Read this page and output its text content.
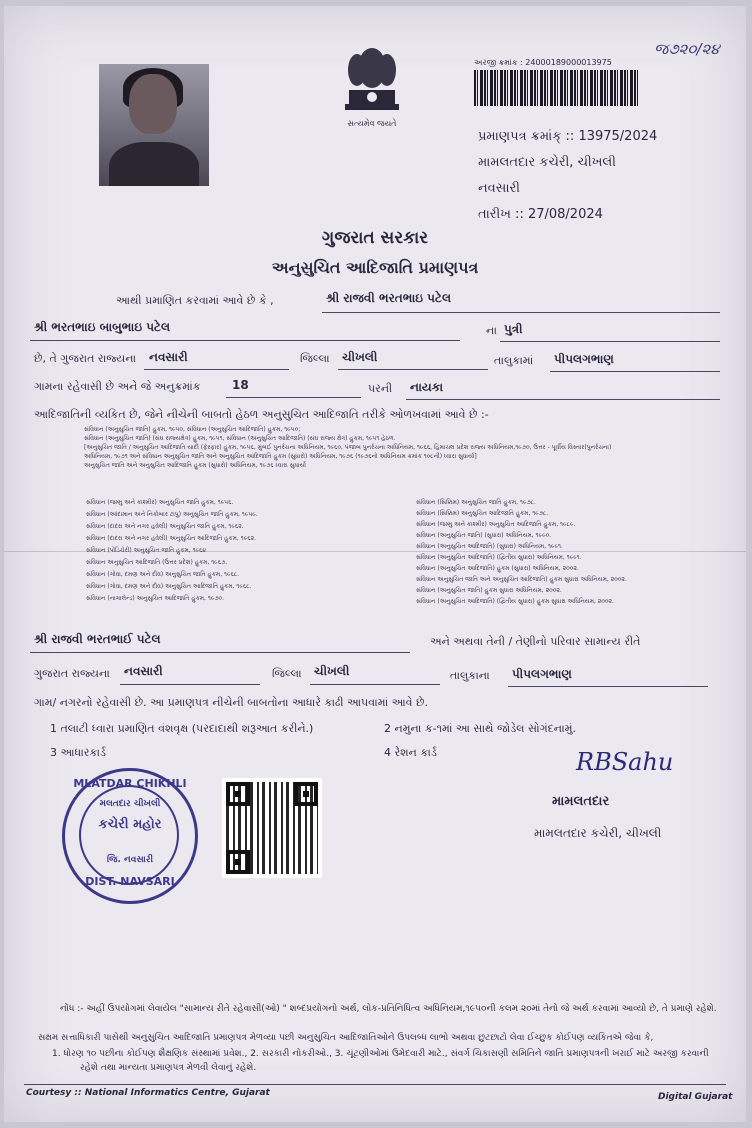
સત્યમેવ જયતે
અરજી ક્રમાંક : 24000189000013975
જ૭૨૦/૨૪
પ્રમાણપત્ર ક્રમાંક્ :: 13975/2024
મામલતદાર કચેરી, ચીખલી
નવસારી
તારીખ :: 27/08/2024
ગુજરાત સરકાર
અનુસુચિત આદિજાતિ પ્રમાણપત્ર
આથી પ્રમાણિત કરવામાં આવે છે કે ,	શ્રી રાજવી ભરતભાઇ પટેલ
શ્રી ભરતભાઇ બાબુભાઇ પટેલ	ના પુત્રી
છે, તે ગુજરાત રાજ્યના નવસારી	જિલ્લા ચીખલી	તાલુકામાં પીપલગભાણ
ગામના રહેવાસી છે અને જે અનુક્રમાંક	18	પરની નાયકા
આદિજાતિની વ્યકિત છે, જેને નીચેની બાબતો હેઠળ અનુસુચિત આદિજાતિ તરીકે ઓળખવામાં આવે છે :-
સંવિધાન (અનુસુચિત જાતિ) હુકમ, ૧૯૫૦, સંવિધાન (અનુસુચિત આદિજાતિ) હુકમ, ૧૯૫૦;
સંવિધાન (અનુસુચિત જાતિ) (સંઘ રાજ્યક્ષેત્ર) હુકમ, ૧૯૫૧, સંવિધાન (અનુસુચિત આદિજાતિ) (સંઘ રાજ્ય ક્ષેત્ર) હુકમ, ૧૯૫૧ હેઠળ.
[અનુસુચિત જાતિ / અનુસુચિત આદિજાતિ યાદી (ફેરફાર) હુકમ, ૧૯૫૬, મુંબઈ પુનર્રચના અધિનિયમ, ૧૯૬૦, પંજાબ પુનર્રચના અધિનિયમ, ૧૯૬૬, હિમાચલ પ્રદેશ રાજ્ય અધિનિયમ,૧૯૭૦, ઉત્તર - પૂર્વીય વિસ્તાર(પુનર્રચના)
અધિનિયમ, ૧૯૭૧ અને સંવિધાન અનુસુચિત જાતિ અને અનુસુચિત આદિજાતિ હુકમ (સુધારો) અધિનિયમ, ૧૯૭૬ (૧૯૭૬નો અધિનિયમ ક્રમાંક ૧૦૮ની) ધ્વારા સુધાર્યા]
અનુસુચિત જાતિ અને અનુસુચિત આદિજાતિ હુકમ (સુધારો) અધિનિયમ, ૧૯૭૬ ધ્વારા સુધાર્યો
સંવિધાન (જમ્મુ અને કાશ્મીર) અનુસુચિત જાતિ હુકમ, ૧૯૫૬.
સંવિધાન (આંદામાન અને નિકોબાર ટાપુ) અનુસુચિત જાતિ હુકમ, ૧૯૫૯.
સંવિધાન (દાદરા અને નગર હવેલી) અનુસુચિત જાતિ હુકમ, ૧૯૬૨.
સંવિધાન (દાદરા અને નગર હવેલી) અનુસુચિત આદિજાતિ હુકમ, ૧૯૬૨.
સંવિધાન (પોંડિચેરી) અનુસુચિત જાતિ હુકમ, ૧૯૬૪
સંવિધાન અનુસુચિત આદિજાતિ (ઉત્તર પ્રદેશ) હુકમ, ૧૯૬૭.
સંવિધાન (ગોવા, દમણ અને દીવ) અનુસુચિત જાતિ હુકમ, ૧૯૬૮.
સંવિધાન (ગોવા, દમણ અને દીવ) અનુસુચિત આદિજાતિ હુકમ, ૧૯૬૮.
સંવિધાન (નાગાલેન્ડ) અનુસુચિત આદિજાતિ હુકમ, ૧૯૭૦.
સંવિધાન (સિક્કિમ) અનુસુચિત જાતિ હુકમ, ૧૯૭૮.
સંવિધાન (સિક્કિમ) અનુસુચિત આદિજાતિ હુકમ, ૧૯૭૮.
સંવિધાન (જમ્મુ અને કાશ્મીર) અનુસુચિત આદિજાતિ હુકમ, ૧૯૮૯.
સંવિધાન (અનુસુચિત જાતિ) (સુધારા) અધિનિયમ, ૧૯૯૦.
સંવિધાન (અનુસુચિત આદિજાતિ) (સુધારા) અધિનિયમ, ૧૯૯૧.
સંવિધાન (અનુસુચિત આદિજાતિ) (દ્વિતીય સુધારા) અધિનિયમ, ૧૯૯૧.
સંવિધાન (અનુસુચિત આદિજાતિ) હુકમ (સુધારા) અધિનિયમ, ૨૦૦૨.
સંવિધાન અનુસુચિત જાતિ અને અનુસુચિત આદિજાતિ) હુકમ સુધારા અધિનિયમ, ૨૦૦૨.
સંવિધાન (અનુસુચિત જાતિ) હુકમ સુધારા અધિનિયમ, ૨૦૦૨.
સંવિધાન (અનુસુચિત આદિજાતિ) (દ્વિતીય સુધારા) હુકમ સુધારા અધિનિયમ, ૨૦૦૨.
શ્રી રાજવી ભરતભાઈ પટેલ	અને અથવા તેની / તેણીનો પરિવાર સામાન્ય રીતે
ગુજરાત રાજ્યના નવસારી	જિલ્લા ચીખલી	તાલુકાના પીપલગભાણ
ગામ/ નગરનો રહેવાસી છે. આ પ્રમાણપત્ર નીચેની બાબતોના આધારે કાઢી આપવામાં આવે છે.
1 તલાટી ધ્વારા પ્રમાણિત વંશવૃક્ષ (પરદાદાથી શરૂઆત કરીને.)	2 નમુના ક-૧માં આ સાથે જોડેલ સોગંદનામું.
3 આધારકાર્ડ	4 રેશન કાર્ડ
MLATDAR CHIKHLI
મલતદાર ચીખલી
કચેરી મહોર
જિ. નવસારી
DIST. NAVSARI
RBSahu
મામલતદાર
મામલતદાર કચેરી, ચીખલી
નોંધ :- અહીં ઉપયોગમાં લેવાયેલ "સામાન્ય રીતે રહેવાસી(ઓ) " શબ્દપ્રયોગનો અર્થ, લોક-પ્રતિનિધિત્વ અધિનિયમ,૧૯૫૦ની કલમ ૨૦માં તેનો જે અર્થ કરવામાં આવ્યો છે, તે પ્રમાણે રહેશે.
સક્ષમ સત્તાધિકારી પાસેથી અનુસુચિત આદિજાતિ પ્રમાણપત્ર મેળવ્યા પછી અનુસુચિત આદિજાતિઓને ઉપલબ્ધ લાભો અથવા છુટછાટો લેવા ઈચ્છુક કોઈપણ વ્યકિતએ જેવા કે,
1. ધોરણ ૧૦ પછીના કોઈપણ શૈક્ષણિક સંસ્થામાં પ્રવેશ., 2. સરકારી નોકરીઓ., 3. ચૂંટણીઓમાં ઉમેદવારી માટે., સંવર્ગ ચિકાસણી સમિતિને જાતિ પ્રમાણપત્રની ખરાઈ માટે અરજી કરવાની
રહેશે તથા માન્યતા પ્રમાણપત્ર મેળવી લેવાનું રહેશે.
Courtesy :: National Informatics Centre, Gujarat	Digital Gujarat
